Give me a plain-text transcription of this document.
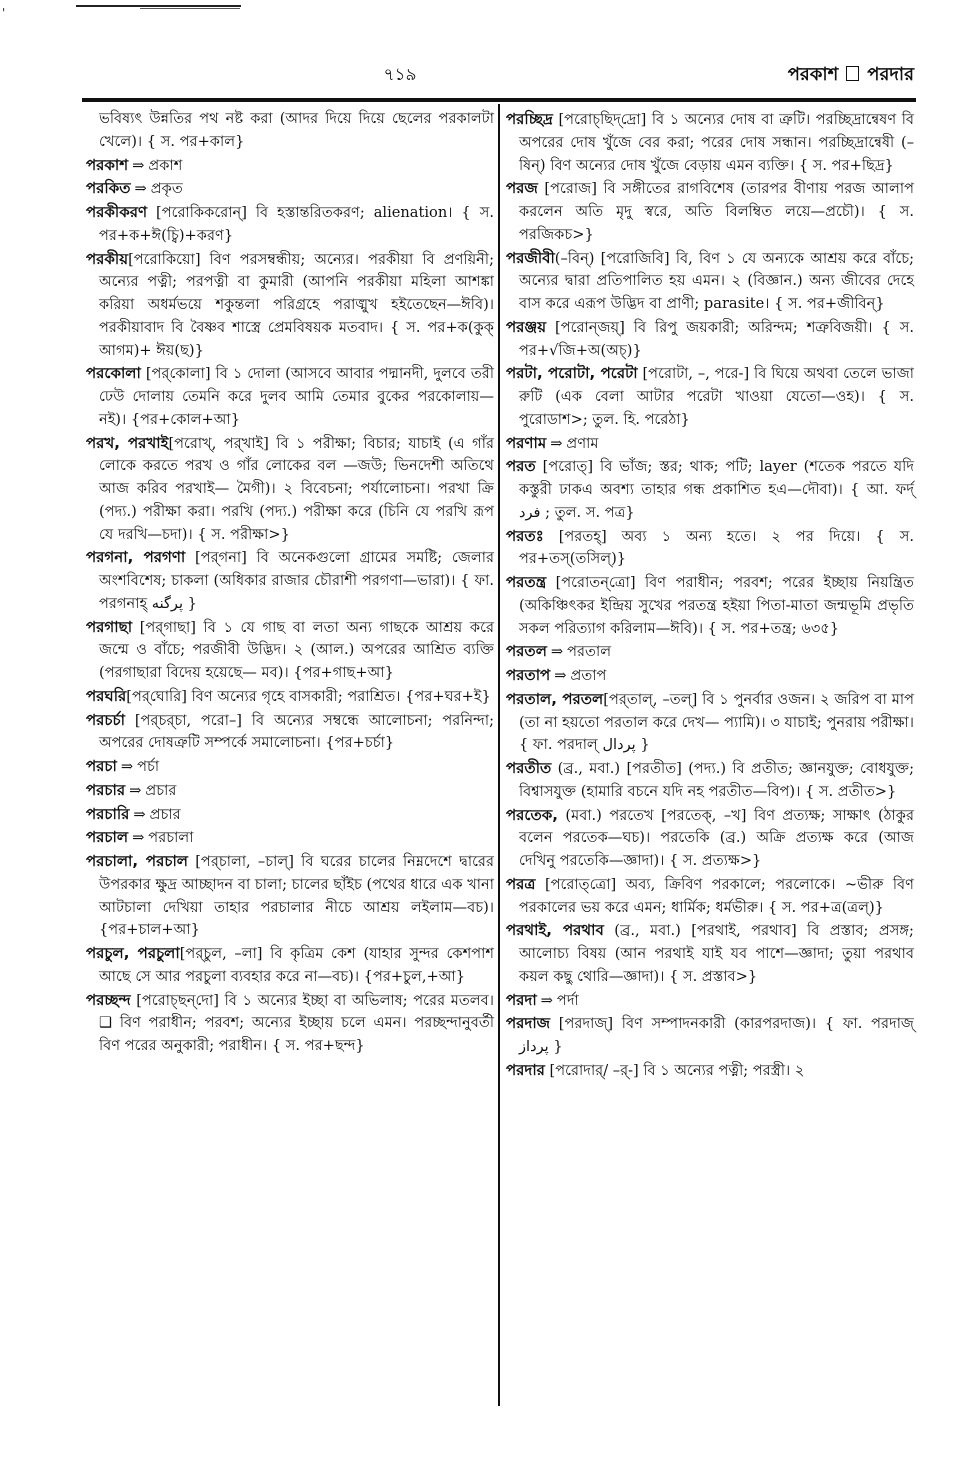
'
৭১৯	পরকাশ পরদার

ভবিষ্যৎ উন্নতির পথ নষ্ট করা (আদর দিয়ে দিয়ে ছেলের পরকালটা খেলে)। { স. পর+কাল}

পরকাশ ⇒ প্রকাশ

পরকিত ⇒ প্রকৃত

পরকীকরণ [পরোকিকরোন্] বি হস্তান্তরিতকরণ; alienation। { স. পর+ক+ঈ(চ্বি)+করণ}

পরকীয়[পরোকিয়ো] বিণ পরসম্বন্ধীয়; অন্যের। পরকীয়া বি প্রণয়িনী; অন্যের পত্নী; পরপত্নী বা কুমারী (আপনি পরকীয়া মহিলা আশঙ্কা করিয়া অধর্মভয়ে শকুন্তলা পরিগ্রহে পরাঙ্মুখ হইতেছেন—ঈবি)। পরকীয়াবাদ বি বৈষ্ণব শাস্ত্রে প্রেমবিষয়ক মতবাদ। { স. পর+ক(কুক্ আগম)+ ঈয়(ছ)}

পরকোলা [পর্‌কোলা] বি ১ দোলা (আসবে আবার পদ্মানদী, দুলবে তরী ঢেউ দোলায় তেমনি করে দুলব আমি তেমার বুকের পরকোলায়— নই)। {পর+কোল+আ}

পরখ, পরখাই[পরোখ্, পর্‌খাই] বি ১ পরীক্ষা; বিচার; যাচাই (এ গাঁর লোকে করতে পরখ ও গাঁর লোকের বল —জউ; ভিনদেশী অতিথে আজ করিব পরখাই— মৈগী)। ২ বিবেচনা; পর্যালোচনা। পরখা ক্রি (পদ্য.) পরীক্ষা করা। পরখি (পদ্য.) পরীক্ষা করে (চিনি যে পরখি রূপ যে দরখি—চদা)। { স. পরীক্ষা>}

পরগনা, পরগণা [পর্‌গনা] বি অনেকগুলো গ্রামের সমষ্টি; জেলার অংশবিশেষ; চাকলা (অধিকার রাজার চৌরাশী পরগণা—ভারা)। { ফা. পরগনাহ্ پرگنه }

পরগাছা [পর্‌গাছা] বি ১ যে গাছ বা লতা অন্য গাছকে আশ্রয় করে জন্মে ও বাঁচে; পরজীবী উদ্ভিদ। ২ (আল.) অপরের আশ্রিত ব্যক্তি (পরগাছারা বিদেয় হয়েছে— মব)। {পর+গাছ+আ}

পরঘরি[পর্‌ঘোরি] বিণ অন্যের গৃহে বাসকারী; পরাশ্রিত। {পর+ঘর+ই}

পরচর্চা [পর্‌চর্‌চা, পরো–] বি অন্যের সম্বন্ধে আলোচনা; পরনিন্দা; অপরের দোষত্রুটি সম্পর্কে সমালোচনা। {পর+চর্চা}

পরচা ⇒ পর্চা

পরচার ⇒ প্রচার

পরচারি ⇒ প্রচার

পরচাল ⇒ পরচালা

পরচালা, পরচাল [পর্‌চালা, –চাল্] বি ঘরের চালের নিম্নদেশে দ্বারের উপরকার ক্ষুদ্র আচ্ছাদন বা চালা; চালের ছাঁইচ (পথের ধারে এক খানা আটচালা দেখিয়া তাহার পরচালার নীচে আশ্রয় লইলাম—বচ)। {পর+চাল+আ}

পরচুল, পরচুলা[পর্‌চুল, –লা] বি কৃত্রিম কেশ (যাহার সুন্দর কেশপাশ আছে সে আর পরচুলা ব্যবহার করে না—বচ)। {পর+চুল,+আ}

পরচ্ছন্দ [পরোচ্‌ছন্‌দো] বি ১ অন্যের ইচ্ছা বা অভিলাষ; পরের মতলব। ❑ বিণ পরাধীন; পরবশ; অন্যের ইচ্ছায় চলে এমন। পরচ্ছন্দানুবর্তী বিণ পরের অনুকারী; পরাধীন। { স. পর+ছন্দ}

পরচ্ছিদ্র [পরোচ্‌ছিদ্‌দ্রো] বি ১ অন্যের দোষ বা ত্রুটি। পরচ্ছিদ্রান্বেষণ বি অপরের দোষ খুঁজে বের করা; পরের দোষ সন্ধান। পরচ্ছিদ্রান্বেষী (–ষিন্) বিণ অন্যের দোষ খুঁজে বেড়ায় এমন ব্যক্তি। { স. পর+ছিদ্র}

পরজ [পরোজ] বি সঙ্গীতের রাগবিশেষ (তারপর বীণায় পরজ আলাপ করলেন অতি মৃদু স্বরে, অতি বিলম্বিত লয়ে—প্রচৌ)। { স. পরজিকচ>}

পরজীবী(–বিন্) [পরোজিবি] বি, বিণ ১ যে অন্যকে আশ্রয় করে বাঁচে; অন্যের দ্বারা প্রতিপালিত হয় এমন। ২ (বিজ্ঞান.) অন্য জীবের দেহে বাস করে এরূপ উদ্ভিদ বা প্রাণী; parasite। { স. পর+জীবিন্}

পরঞ্জয় [পরোন্‌জয়্] বি রিপু জয়কারী; অরিন্দম; শত্রুবিজয়ী। { স. পর+√জি+অ(অচ্)}

পরটা, পরোটা, পরেটা [পরোটা, –, পরে-] বি ঘিয়ে অথবা তেলে ভাজা রুটি (এক বেলা আটার পরেটা খাওয়া যেতো—ওহ)। { স. পুরোডাশ>; তুল. হি. পরেঠা}

পরণাম ⇒ প্রণাম

পরত [পরোত্] বি ভাঁজ; স্তর; থাক; পটি; layer (শতেক পরতে যদি কস্তুরী ঢাকএ অবশ্য তাহার গন্ধ প্রকাশিত হএ—দৌবা)। { আ. ফর্দ্ فرد ; তুল. স. পত্র}

পরতঃ [পরতহ্] অব্য ১ অন্য হতে। ২ পর দিয়ে। { স. পর+তস্(তসিল্)}

পরতন্ত্র [পরোতন্‌ত্রো] বিণ পরাধীন; পরবশ; পরের ইচ্ছায় নিয়ন্ত্রিত (অকিঞ্চিৎকর ইন্দ্রিয় সুখের পরতন্ত্র হইয়া পিতা-মাতা জন্মভূমি প্রভৃতি সকল পরিত্যাগ করিলাম—ঈবি)। { স. পর+তন্ত্র; ৬৩৫}

পরতল ⇒ পরতাল

পরতাপ ⇒ প্রতাপ

পরতাল, পরতল[পর্‌তাল্, –তল্] বি ১ পুনর্বার ওজন। ২ জরিপ বা মাপ (তা না হয়তো পরতাল করে দেখ— প্যামি)। ৩ যাচাই; পুনরায় পরীক্ষা। { ফা. পরদাল্ پردال }

পরতীত (ব্র., মবা.) [পরতীত] (পদ্য.) বি প্রতীত; জ্ঞানযুক্ত; বোধযুক্ত; বিশ্বাসযুক্ত (হামারি বচনে যদি নহ পরতীত—বিপ)। { স. প্রতীত>}

পরতেক, (মবা.) পরতেখ [পরতেক্, –খ] বিণ প্রত্যক্ষ; সাক্ষাৎ (ঠাকুর বলেন পরতেক—ঘচ)। পরতেকি (ব্র.) অক্রি প্রত্যক্ষ করে (আজ দেখিনু পরতেকি—জ্ঞাদা)। { স. প্রত্যক্ষ>}

পরত্র [পরোত্‌ত্রো] অব্য, ক্রিবিণ পরকালে; পরলোকে। ~ভীরু বিণ পরকালের ভয় করে এমন; ধার্মিক; ধর্মভীরু। { স. পর+ত্র(ত্রল্)}

পরথাই, পরথাব (ব্র., মবা.) [পরথাই, পরথাব] বি প্রস্তাব; প্রসঙ্গ; আলোচ্য বিষয় (আন পরথাই যাই যব পাশে—জ্ঞাদা; তুয়া পরথাব কয়ল কছু থোরি—জ্ঞাদা)। { স. প্রস্তাব>}

পরদা ⇒ পর্দা

পরদাজ [পরদাজ্] বিণ সম্পাদনকারী (কারপরদাজ)। { ফা. পরদাজ্ پرداز }

পরদার [পরোদার্/ –র্-] বি ১ অন্যের পত্নী; পরস্ত্রী। ২
